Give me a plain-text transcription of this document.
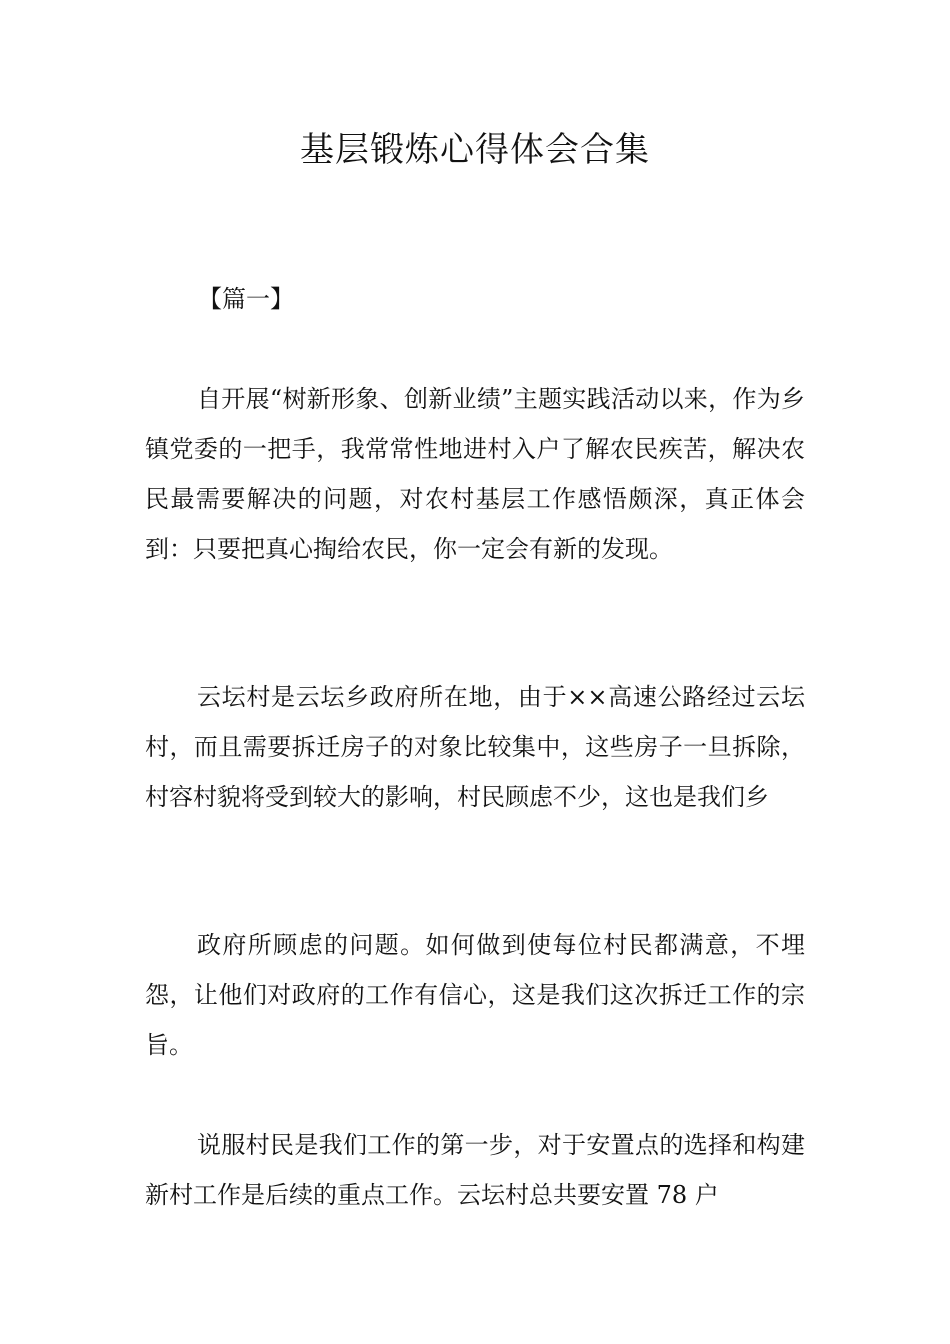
基层锻炼心得体会合集

【篇一】

自开展“树新形象、创新业绩”主题实践活动以来，作为乡镇党委的一把手，我常常性地进村入户了解农民疾苦，解决农民最需要解决的问题，对农村基层工作感悟颇深，真正体会到：只要把真心掏给农民，你一定会有新的发现。

云坛村是云坛乡政府所在地，由于××高速公路经过云坛村，而且需要拆迁房子的对象比较集中，这些房子一旦拆除，村容村貌将受到较大的影响，村民顾虑不少，这也是我们乡

政府所顾虑的问题。如何做到使每位村民都满意，不埋怨，让他们对政府的工作有信心，这是我们这次拆迁工作的宗旨。

说服村民是我们工作的第一步，对于安置点的选择和构建新村工作是后续的重点工作。云坛村总共要安置 78 户
